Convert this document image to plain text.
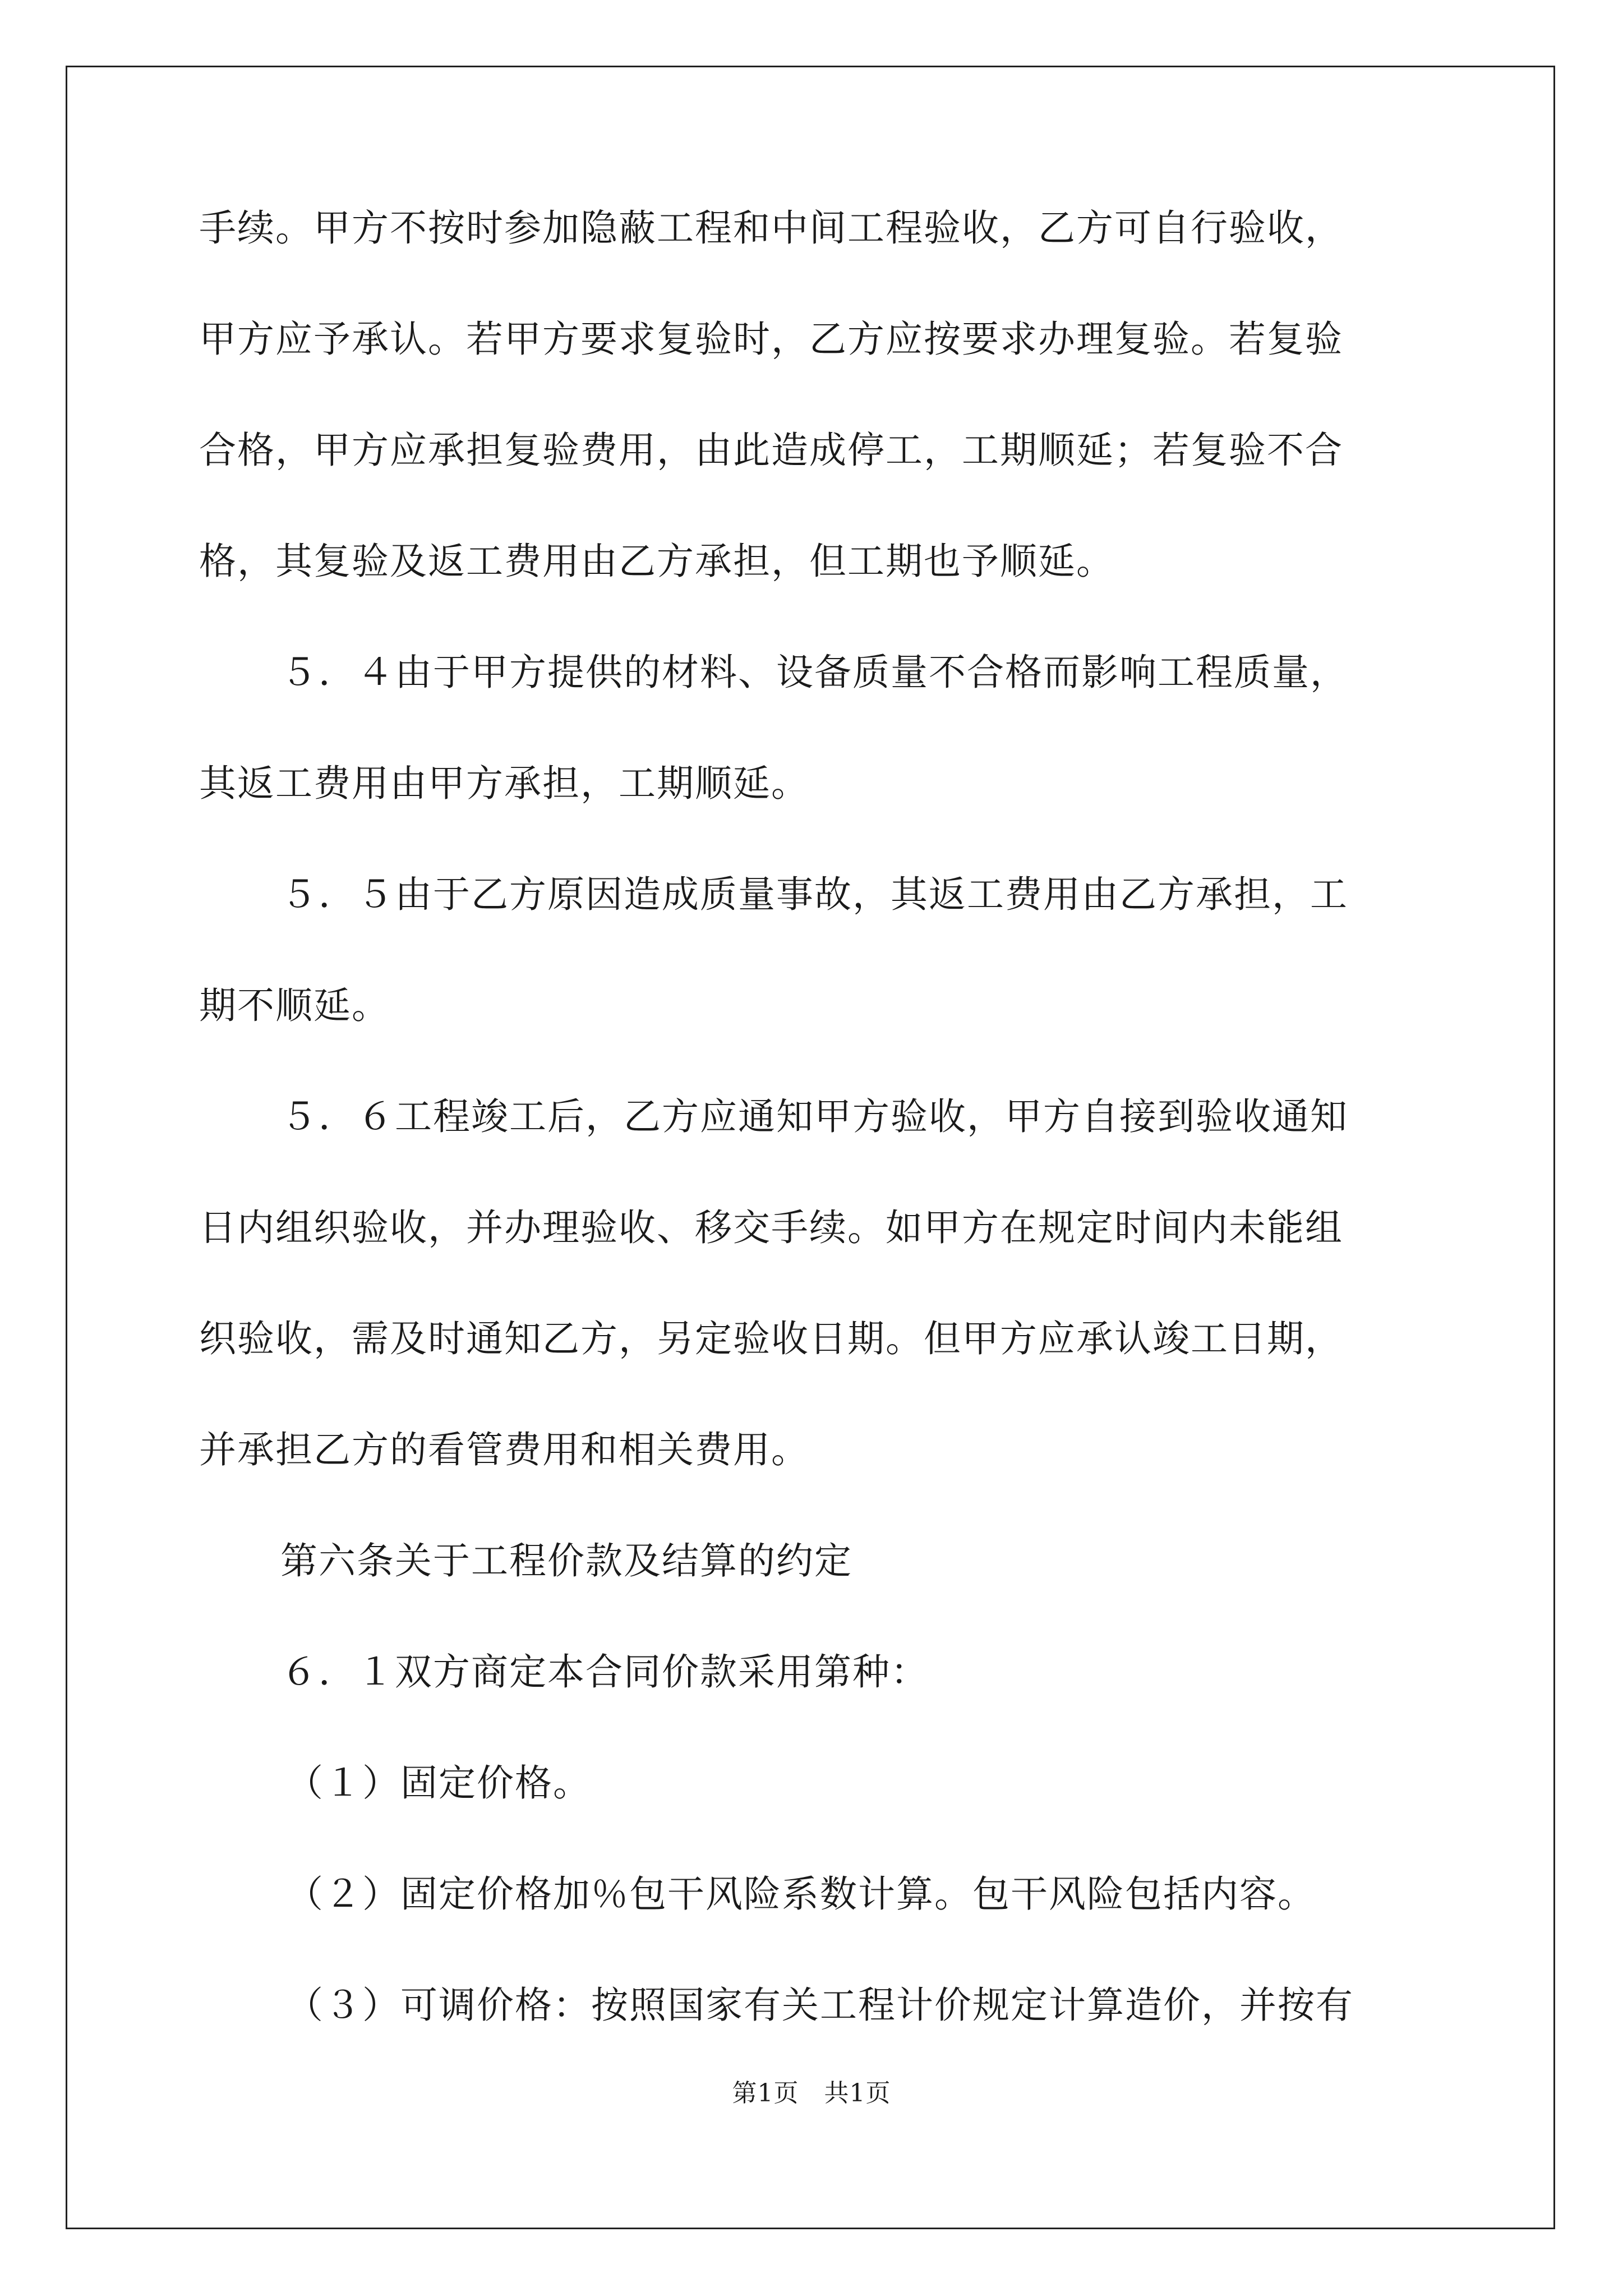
手续。甲方不按时参加隐蔽工程和中间工程验收，乙方可自行验收，
甲方应予承认。若甲方要求复验时，乙方应按要求办理复验。若复验
合格，甲方应承担复验费用，由此造成停工，工期顺延；若复验不合
格，其复验及返工费用由乙方承担，但工期也予顺延。
５．４由于甲方提供的材料、设备质量不合格而影响工程质量，
其返工费用由甲方承担，工期顺延。
５．５由于乙方原因造成质量事故，其返工费用由乙方承担，工
期不顺延。
５．６工程竣工后，乙方应通知甲方验收，甲方自接到验收通知
日内组织验收，并办理验收、移交手续。如甲方在规定时间内未能组
织验收，需及时通知乙方，另定验收日期。但甲方应承认竣工日期，
并承担乙方的看管费用和相关费用。
第六条关于工程价款及结算的约定
６．１双方商定本合同价款采用第种：
（１）固定价格。
（２）固定价格加％包干风险系数计算。包干风险包括内容。
（３）可调价格：按照国家有关工程计价规定计算造价，并按有
第1页　共1页
